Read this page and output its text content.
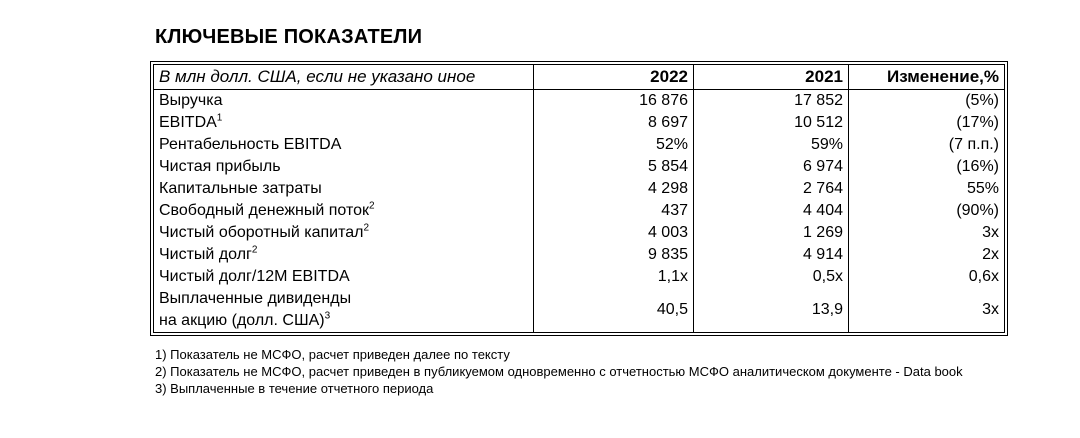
КЛЮЧЕВЫЕ ПОКАЗАТЕЛИ
В млн долл. США, если не указано иное	2022	2021	Изменение,%
Выручка	16 876	17 852	(5%)
EBITDA$^1$	8 697	10 512	(17%)
Рентабельность EBITDA	52%	59%	(7 п.п.)
Чистая прибыль	5 854	6 974	(16%)
Капитальные затраты	4 298	2 764	55%
Свободный денежный поток$^2$	437	4 404	(90%)
Чистый оборотный капитал$^2$	4 003	1 269	3x
Чистый долг$^2$	9 835	4 914	2x
Чистый долг/12M EBITDA	1,1x	0,5x	0,6x
Выплаченные дивиденды
на акцию (долл. США)$^3$	40,5	13,9	3x
1) Показатель не МСФО, расчет приведен далее по тексту
2) Показатель не МСФО, расчет приведен в публикуемом одновременно с отчетностью МСФО аналитическом документе - Data book
3) Выплаченные в течение отчетного периода
